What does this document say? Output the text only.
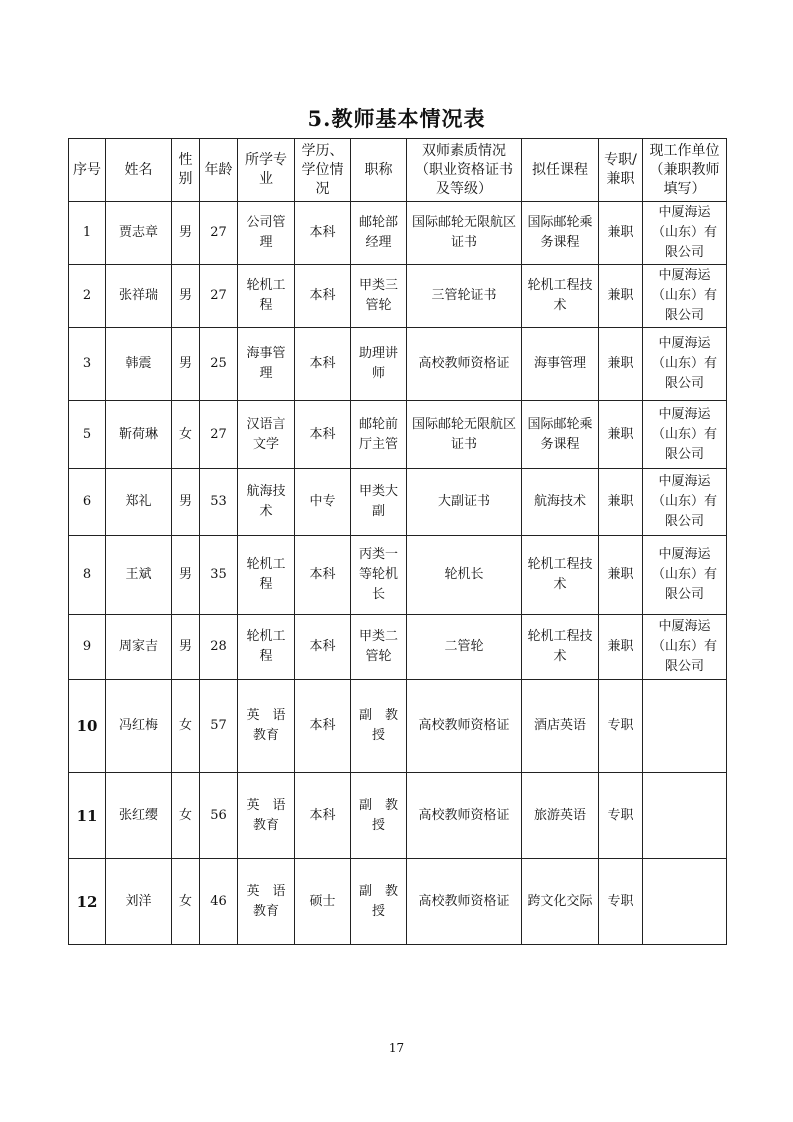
5.教师基本情况表
序号	姓名	性别	年龄	所学专业	学历、学位情况	职称	双师素质情况（职业资格证书及等级）	拟任课程	专职/兼职	现工作单位（兼职教师填写）
1	贾志章	男	27	公司管理	本科	邮轮部经理	国际邮轮无限航区证书	国际邮轮乘务课程	兼职	中厦海运（山东）有限公司
2	张祥瑞	男	27	轮机工程	本科	甲类三管轮	三管轮证书	轮机工程技术	兼职	中厦海运（山东）有限公司
3	韩震	男	25	海事管理	本科	助理讲师	高校教师资格证	海事管理	兼职	中厦海运（山东）有限公司
5	靳荷琳	女	27	汉语言文学	本科	邮轮前厅主管	国际邮轮无限航区证书	国际邮轮乘务课程	兼职	中厦海运（山东）有限公司
6	郑礼	男	53	航海技术	中专	甲类大副	大副证书	航海技术	兼职	中厦海运（山东）有限公司
8	王斌	男	35	轮机工程	本科	丙类一等轮机长	轮机长	轮机工程技术	兼职	中厦海运（山东）有限公司
9	周家吉	男	28	轮机工程	本科	甲类二管轮	二管轮	轮机工程技术	兼职	中厦海运（山东）有限公司
10	冯红梅	女	57	英　语教育	本科	副　教授	高校教师资格证	酒店英语	专职	
11	张红缨	女	56	英　语教育	本科	副　教授	高校教师资格证	旅游英语	专职	
12	刘洋	女	46	英　语教育	硕士	副　教授	高校教师资格证	跨文化交际	专职	
17
